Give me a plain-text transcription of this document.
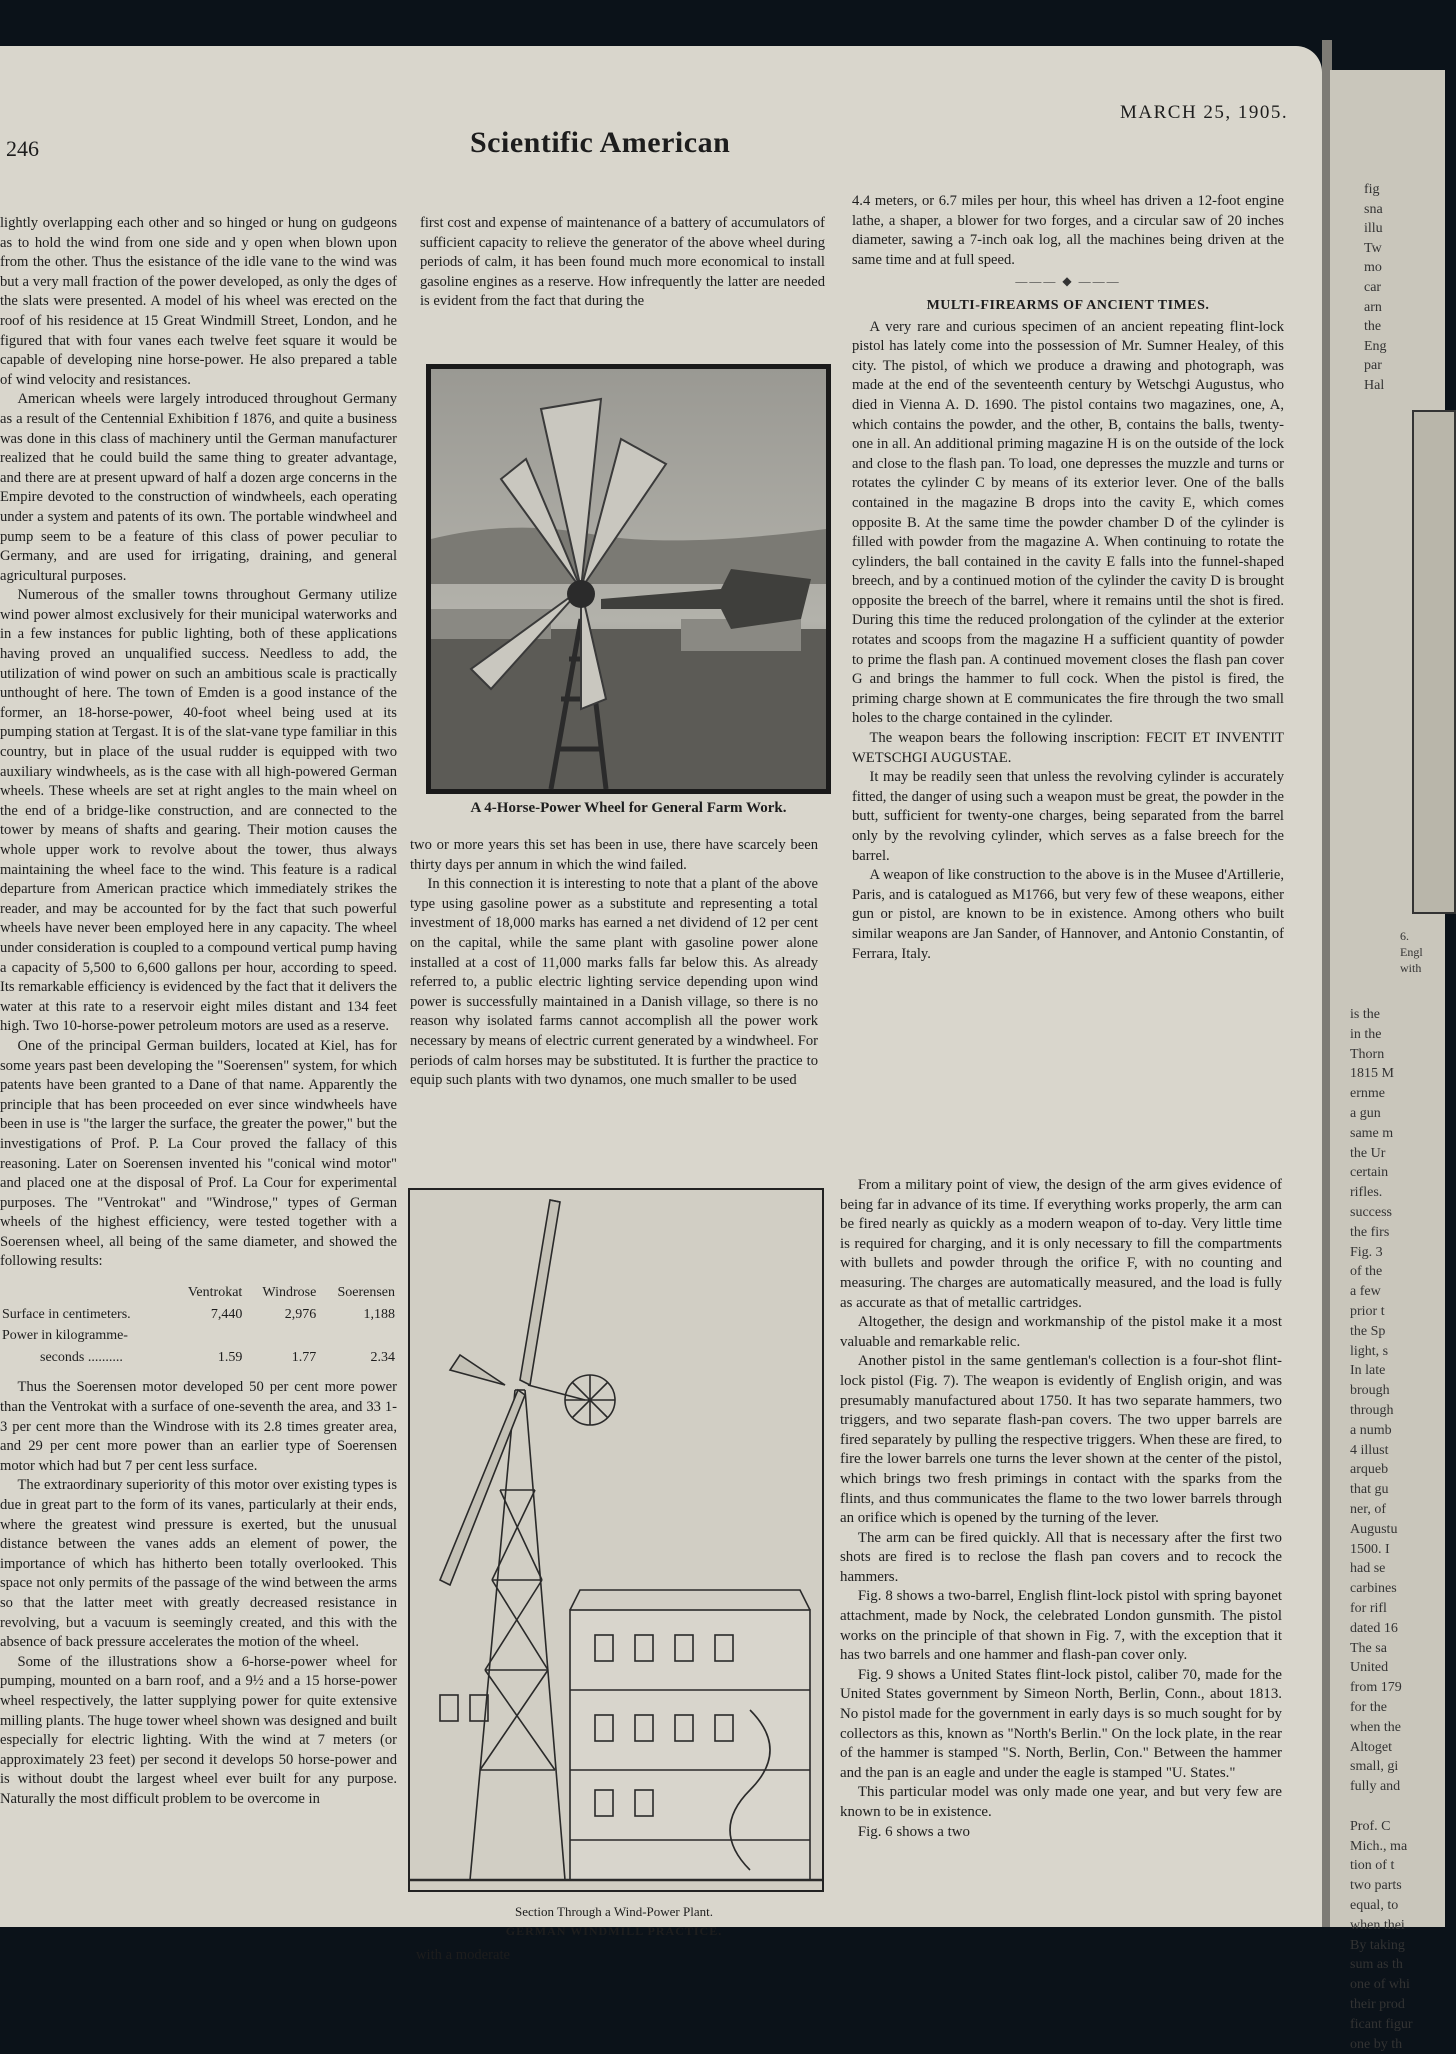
246	Scientific American
MARCH 25, 1905.

lightly overlapping each other and so hinged or hung on gudgeons as to hold the wind from one side and y open when blown upon from the other. Thus the esistance of the idle vane to the wind was but a very mall fraction of the power developed, as only the dges of the slats were presented. A model of his wheel was erected on the roof of his residence at 15 Great Windmill Street, London, and he figured that with four vanes each twelve feet square it would be capable of developing nine horse-power. He also prepared a table of wind velocity and resistances.

American wheels were largely introduced throughout Germany as a result of the Centennial Exhibition f 1876, and quite a business was done in this class of machinery until the German manufacturer realized that he could build the same thing to greater advantage, and there are at present upward of half a dozen arge concerns in the Empire devoted to the construction of windwheels, each operating under a system and patents of its own. The portable windwheel and pump seem to be a feature of this class of power peculiar to Germany, and are used for irrigating, draining, and general agricultural purposes.

Numerous of the smaller towns throughout Germany utilize wind power almost exclusively for their municipal waterworks and in a few instances for public lighting, both of these applications having proved an unqualified success. Needless to add, the utilization of wind power on such an ambitious scale is practically unthought of here. The town of Emden is a good instance of the former, an 18-horse-power, 40-foot wheel being used at its pumping station at Tergast. It is of the slat-vane type familiar in this country, but in place of the usual rudder is equipped with two auxiliary windwheels, as is the case with all high-powered German wheels. These wheels are set at right angles to the main wheel on the end of a bridge-like construction, and are connected to the tower by means of shafts and gearing. Their motion causes the whole upper work to revolve about the tower, thus always maintaining the wheel face to the wind. This feature is a radical departure from American practice which immediately strikes the reader, and may be accounted for by the fact that such powerful wheels have never been employed here in any capacity. The wheel under consideration is coupled to a compound vertical pump having a capacity of 5,500 to 6,600 gallons per hour, according to speed. Its remarkable efficiency is evidenced by the fact that it delivers the water at this rate to a reservoir eight miles distant and 134 feet high. Two 10-horse-power petroleum motors are used as a reserve.

One of the principal German builders, located at Kiel, has for some years past been developing the "Soerensen" system, for which patents have been granted to a Dane of that name. Apparently the principle that has been proceeded on ever since windwheels have been in use is "the larger the surface, the greater the power," but the investigations of Prof. P. La Cour proved the fallacy of this reasoning. Later on Soerensen invented his "conical wind motor" and placed one at the disposal of Prof. La Cour for experimental purposes. The "Ventrokat" and "Windrose," types of German wheels of the highest efficiency, were tested together with a Soerensen wheel, all being of the same diameter, and showed the following results:

	Ventrokat	Windrose	Soerensen
Surface in centimeters.	7,440	2,976	1,188
Power in kilogramme-			
seconds ..........	1.59	1.77	2.34

Thus the Soerensen motor developed 50 per cent more power than the Ventrokat with a surface of one-seventh the area, and 33 1-3 per cent more than the Windrose with its 2.8 times greater area, and 29 per cent more power than an earlier type of Soerensen motor which had but 7 per cent less surface.

The extraordinary superiority of this motor over existing types is due in great part to the form of its vanes, particularly at their ends, where the greatest wind pressure is exerted, but the unusual distance between the vanes adds an element of power, the importance of which has hitherto been totally overlooked. This space not only permits of the passage of the wind between the arms so that the latter meet with greatly decreased resistance in revolving, but a vacuum is seemingly created, and this with the absence of back pressure accelerates the motion of the wheel.

Some of the illustrations show a 6-horse-power wheel for pumping, mounted on a barn roof, and a 9½ and a 15 horse-power wheel respectively, the latter supplying power for quite extensive milling plants. The huge tower wheel shown was designed and built especially for electric lighting. With the wind at 7 meters (or approximately 23 feet) per second it develops 50 horse-power and is without doubt the largest wheel ever built for any purpose. Naturally the most difficult problem to be overcome in

first cost and expense of maintenance of a battery of accumulators of sufficient capacity to relieve the generator of the above wheel during periods of calm, it has been found much more economical to install gasoline engines as a reserve. How infrequently the latter are needed is evident from the fact that during the

A 4-Horse-Power Wheel for General Farm Work.

two or more years this set has been in use, there have scarcely been thirty days per annum in which the wind failed.

In this connection it is interesting to note that a plant of the above type using gasoline power as a substitute and representing a total investment of 18,000 marks has earned a net dividend of 12 per cent on the capital, while the same plant with gasoline power alone installed at a cost of 11,000 marks falls far below this. As already referred to, a public electric lighting service depending upon wind power is successfully maintained in a Danish village, so there is no reason why isolated farms cannot accomplish all the power work necessary by means of electric current generated by a windwheel. For periods of calm horses may be substituted. It is further the practice to equip such plants with two dynamos, one much smaller to be used

Section Through a Wind-Power Plant.
GERMAN WINDMILL PRACTICE.
with a moderate

4.4 meters, or 6.7 miles per hour, this wheel has driven a 12-foot engine lathe, a shaper, a blower for two forges, and a circular saw of 20 inches diameter, sawing a 7-inch oak log, all the machines being driven at the same time and at full speed.

——— ◆ ———
MULTI-FIREARMS OF ANCIENT TIMES.

A very rare and curious specimen of an ancient repeating flint-lock pistol has lately come into the possession of Mr. Sumner Healey, of this city. The pistol, of which we produce a drawing and photograph, was made at the end of the seventeenth century by Wetschgi Augustus, who died in Vienna A. D. 1690. The pistol contains two magazines, one, A, which contains the powder, and the other, B, contains the balls, twenty-one in all. An additional priming magazine H is on the outside of the lock and close to the flash pan. To load, one depresses the muzzle and turns or rotates the cylinder C by means of its exterior lever. One of the balls contained in the magazine B drops into the cavity E, which comes opposite B. At the same time the powder chamber D of the cylinder is filled with powder from the magazine A. When continuing to rotate the cylinders, the ball contained in the cavity E falls into the funnel-shaped breech, and by a continued motion of the cylinder the cavity D is brought opposite the breech of the barrel, where it remains until the shot is fired. During this time the reduced prolongation of the cylinder at the exterior rotates and scoops from the magazine H a sufficient quantity of powder to prime the flash pan. A continued movement closes the flash pan cover G and brings the hammer to full cock. When the pistol is fired, the priming charge shown at E communicates the fire through the two small holes to the charge contained in the cylinder.

The weapon bears the following inscription: FECIT ET INVENTIT WETSCHGI AUGUSTAE.

It may be readily seen that unless the revolving cylinder is accurately fitted, the danger of using such a weapon must be great, the powder in the butt, sufficient for twenty-one charges, being separated from the barrel only by the revolving cylinder, which serves as a false breech for the barrel.

A weapon of like construction to the above is in the Musee d'Artillerie, Paris, and is catalogued as M1766, but very few of these weapons, either gun or pistol, are known to be in existence. Among others who built similar weapons are Jan Sander, of Hannover, and Antonio Constantin, of Ferrara, Italy.

From a military point of view, the design of the arm gives evidence of being far in advance of its time. If everything works properly, the arm can be fired nearly as quickly as a modern weapon of to-day. Very little time is required for charging, and it is only necessary to fill the compartments with bullets and powder through the orifice F, with no counting and measuring. The charges are automatically measured, and the load is fully as accurate as that of metallic cartridges.

Altogether, the design and workmanship of the pistol make it a most valuable and remarkable relic.

Another pistol in the same gentleman's collection is a four-shot flint-lock pistol (Fig. 7). The weapon is evidently of English origin, and was presumably manufactured about 1750. It has two separate hammers, two triggers, and two separate flash-pan covers. The two upper barrels are fired separately by pulling the respective triggers. When these are fired, to fire the lower barrels one turns the lever shown at the center of the pistol, which brings two fresh primings in contact with the sparks from the flints, and thus communicates the flame to the two lower barrels through an orifice which is opened by the turning of the lever.

The arm can be fired quickly. All that is necessary after the first two shots are fired is to reclose the flash pan covers and to recock the hammers.

Fig. 8 shows a two-barrel, English flint-lock pistol with spring bayonet attachment, made by Nock, the celebrated London gunsmith. The pistol works on the principle of that shown in Fig. 7, with the exception that it has two barrels and one hammer and flash-pan cover only.

Fig. 9 shows a United States flint-lock pistol, caliber 70, made for the United States government by Simeon North, Berlin, Conn., about 1813. No pistol made for the government in early days is so much sought for by collectors as this, known as "North's Berlin." On the lock plate, in the rear of the hammer is stamped "S. North, Berlin, Con." Between the hammer and the pan is an eagle and under the eagle is stamped "U. States."

This particular model was only made one year, and but very few are known to be in existence.

Fig. 6 shows a two

fig
sna
illu
Tw
mo
car
arn
the
Eng
par
Hal
6.
Engl
with
is the
in the
Thorn
1815 M
ernme
a gun
same m
the Ur
certain
rifles.
success
the firs
Fig. 3
of the
a few
prior t
the Sp
light, s
In late
brough
through
a numb
4 illust
arqueb
that gu
ner, of
Augustu
1500. I
had se
carbines
for rifl
dated 16
The sa
United
from 179
for the
when the
Altoget
small, gi
fully and
Prof. C
Mich., ma
tion of t
two parts
equal, to
when thei
By taking
sum as th
one of whi
their prod
ficant figur
one by th
